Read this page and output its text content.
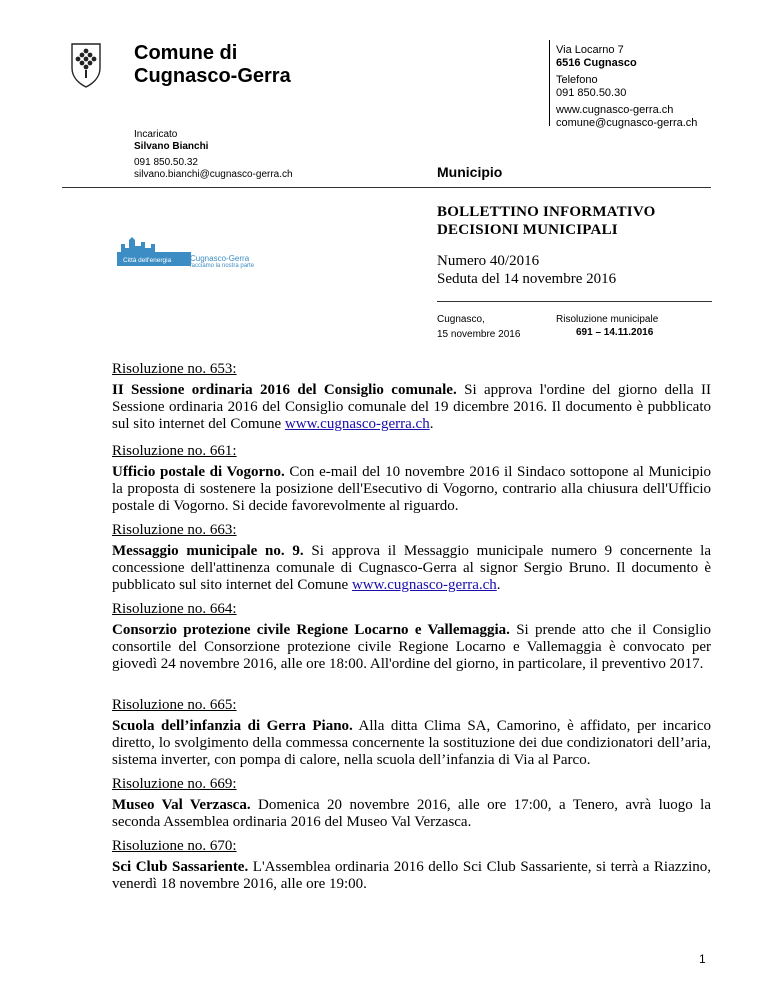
Comune di
Cugnasco-Gerra
Via Locarno 7
6516 Cugnasco
Telefono
091 850.50.30
www.cugnasco-gerra.ch
comune@cugnasco-gerra.ch
Incaricato
Silvano Bianchi
091 850.50.32
silvano.bianchi@cugnasco-gerra.ch	Municipio
Città dell'energia Cugnasco-Gerra
facciamo la nostra parte
BOLLETTINO INFORMATIVO
DECISIONI MUNICIPALI
Numero 40/2016
Seduta del 14 novembre 2016
Cugnasco,
15 novembre 2016
Risoluzione municipale
691 – 14.11.2016
Risoluzione no. 653:
II Sessione ordinaria 2016 del Consiglio comunale. Si approva l'ordine del giorno della II Sessione ordinaria 2016 del Consiglio comunale del 19 dicembre 2016. Il documento è pubblicato sul sito internet del Comune www.cugnasco-gerra.ch.
Risoluzione no. 661:
Ufficio postale di Vogorno. Con e-mail del 10 novembre 2016 il Sindaco sottopone al Municipio la proposta di sostenere la posizione dell'Esecutivo di Vogorno, contrario alla chiusura dell'Ufficio postale di Vogorno. Si decide favorevolmente al riguardo.
Risoluzione no. 663:
Messaggio municipale no. 9. Si approva il Messaggio municipale numero 9 concernente la concessione dell'attinenza comunale di Cugnasco-Gerra al signor Sergio Bruno. Il documento è pubblicato sul sito internet del Comune www.cugnasco-gerra.ch.
Risoluzione no. 664:
Consorzio protezione civile Regione Locarno e Vallemaggia. Si prende atto che il Consiglio consortile del Consorzione protezione civile Regione Locarno e Vallemaggia è convocato per giovedì 24 novembre 2016, alle ore 18:00. All'ordine del giorno, in particolare, il preventivo 2017.
Risoluzione no. 665:
Scuola dell’infanzia di Gerra Piano. Alla ditta Clima SA, Camorino, è affidato, per incarico diretto, lo svolgimento della commessa concernente la sostituzione dei due condizionatori dell’aria, sistema inverter, con pompa di calore, nella scuola dell’infanzia di Via al Parco.
Risoluzione no. 669:
Museo Val Verzasca. Domenica 20 novembre 2016, alle ore 17:00, a Tenero, avrà luogo la seconda Assemblea ordinaria 2016 del Museo Val Verzasca.
Risoluzione no. 670:
Sci Club Sassariente. L'Assemblea ordinaria 2016 dello Sci Club Sassariente, si terrà a Riazzino, venerdì 18 novembre 2016, alle ore 19:00.
1
